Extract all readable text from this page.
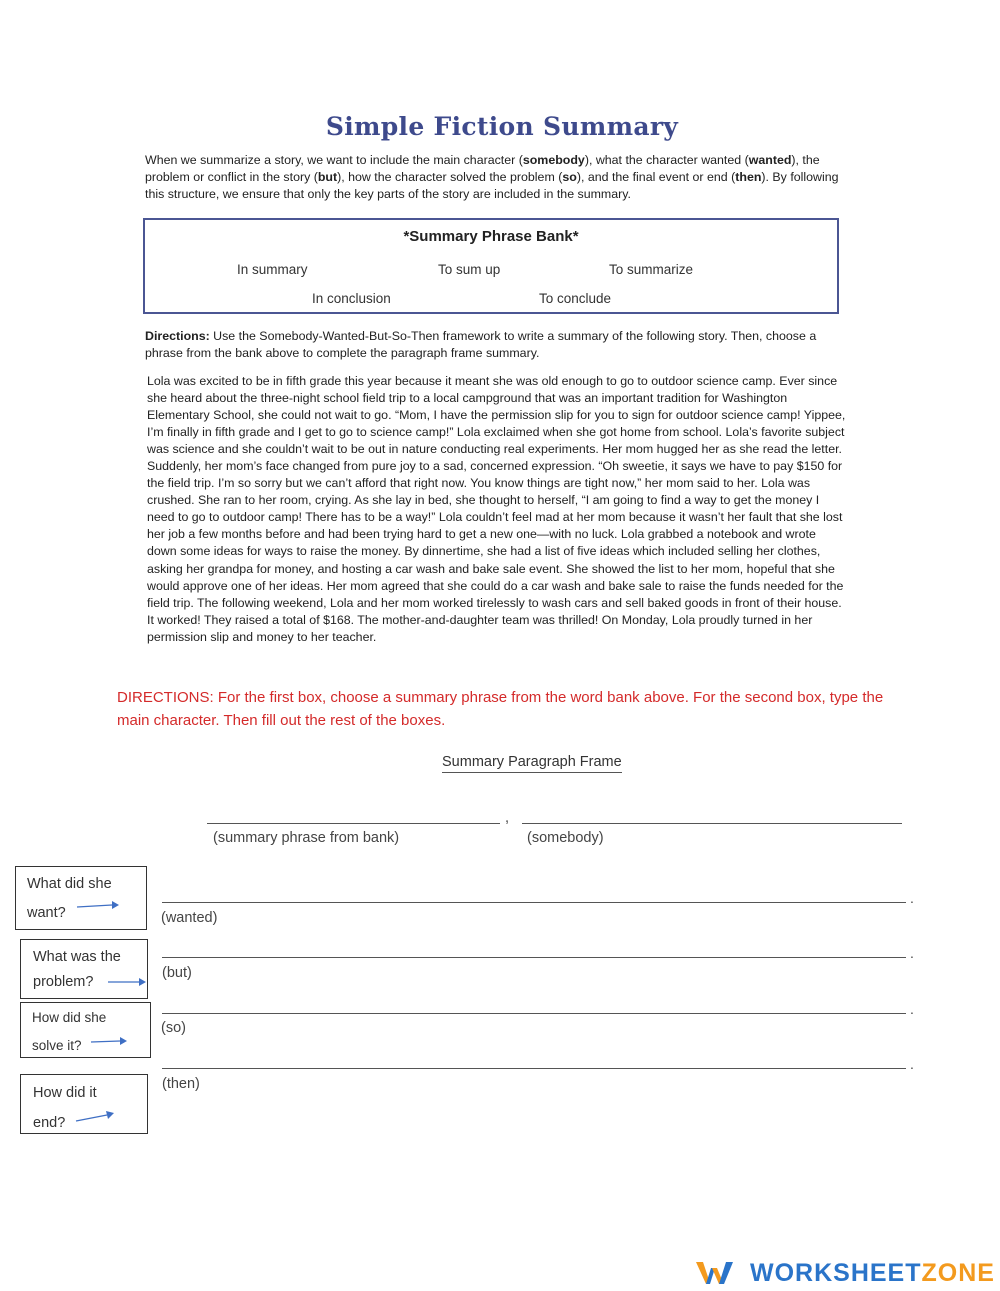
Simple Fiction Summary
When we summarize a story, we want to include the main character (somebody), what the character wanted (wanted), the problem or conflict in the story (but), how the character solved the problem (so), and the final event or end (then). By following this structure, we ensure that only the key parts of the story are included in the summary.
*Summary Phrase Bank*
In summary	To sum up	To summarize
In conclusion	To conclude
Directions: Use the Somebody-Wanted-But-So-Then framework to write a summary of the following story. Then, choose a phrase from the bank above to complete the paragraph frame summary.
Lola was excited to be in fifth grade this year because it meant she was old enough to go to outdoor science camp. Ever since she heard about the three-night school field trip to a local campground that was an important tradition for Washington Elementary School, she could not wait to go. “Mom, I have the permission slip for you to sign for outdoor science camp! Yippee, I’m finally in fifth grade and I get to go to science camp!” Lola exclaimed when she got home from school. Lola’s favorite subject was science and she couldn’t wait to be out in nature conducting real experiments. Her mom hugged her as she read the letter. Suddenly, her mom’s face changed from pure joy to a sad, concerned expression. “Oh sweetie, it says we have to pay $150 for the field trip. I’m so sorry but we can’t afford that right now. You know things are tight now,” her mom said to her. Lola was crushed. She ran to her room, crying. As she lay in bed, she thought to herself, “I am going to find a way to get the money I need to go to outdoor camp! There has to be a way!” Lola couldn’t feel mad at her mom because it wasn’t her fault that she lost her job a few months before and had been trying hard to get a new one—with no luck. Lola grabbed a notebook and wrote down some ideas for ways to raise the money. By dinnertime, she had a list of five ideas which included selling her clothes, asking her grandpa for money, and hosting a car wash and bake sale event. She showed the list to her mom, hopeful that she would approve one of her ideas. Her mom agreed that she could do a car wash and bake sale to raise the funds needed for the field trip. The following weekend, Lola and her mom worked tirelessly to wash cars and sell baked goods in front of their house. It worked! They raised a total of $168. The mother-and-daughter team was thrilled! On Monday, Lola proudly turned in her permission slip and money to her teacher.
DIRECTIONS: For the first box, choose a summary phrase from the word bank above. For the second box, type the main character. Then fill out the rest of the boxes.
Summary Paragraph Frame
,
(summary phrase from bank)	(somebody)
.
(wanted)
.
(but)
.
(so)
.
(then)
What did she
want?
What was the
problem?
How did she
solve it?
How did it
end?
WORKSHEETZONE
